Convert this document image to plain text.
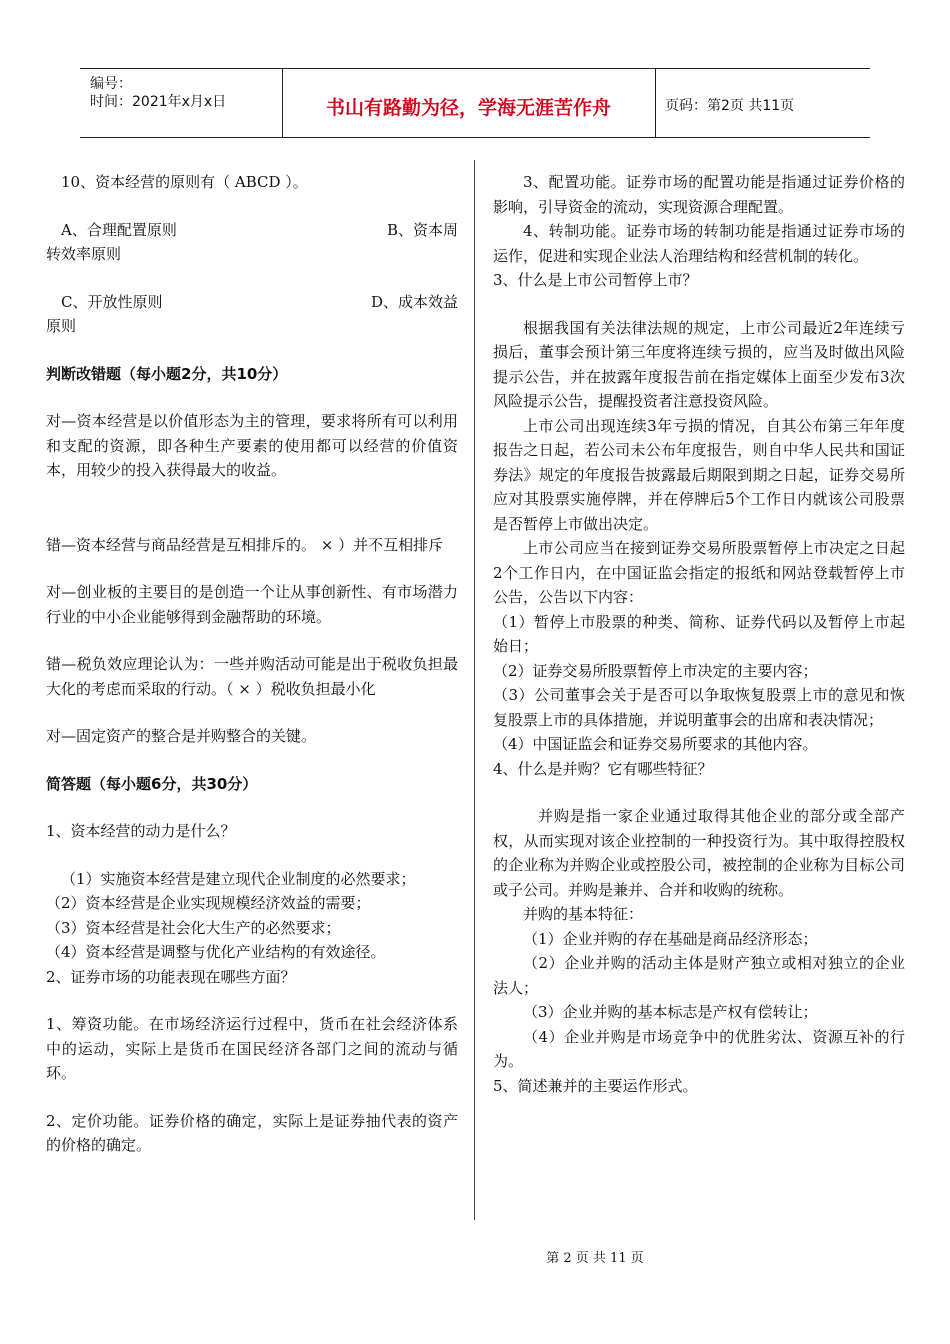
编号：
时间：2021年x月x日	书山有路勤为径，学海无涯苦作舟	页码：第2页 共11页

10、资本经营的原则有（ ABCD ）。

A、合理配置原则	B、资本周

转效率原则

C、开放性原则	D、成本效益

原则

判断改错题（每小题2分，共10分）

对—资本经营是以价值形态为主的管理，要求将所有可以利用和支配的资源，即各种生产要素的使用都可以经营的价值资本，用较少的投入获得最大的收益。

错—资本经营与商品经营是互相排斥的。 × ）并不互相排斥

对—创业板的主要目的是创造一个让从事创新性、有市场潜力行业的中小企业能够得到金融帮助的环境。

错—税负效应理论认为：一些并购活动可能是出于税收负担最大化的考虑而采取的行动。（ × ）税收负担最小化

对—固定资产的整合是并购整合的关键。

简答题（每小题6分，共30分）

1、资本经营的动力是什么？

（1）实施资本经营是建立现代企业制度的必然要求；

（2）资本经营是企业实现规模经济效益的需要；

（3）资本经营是社会化大生产的必然要求；

（4）资本经营是调整与优化产业结构的有效途径。

2、证券市场的功能表现在哪些方面？

1、筹资功能。在市场经济运行过程中，货币在社会经济体系中的运动，实际上是货币在国民经济各部门之间的流动与循环。

2、定价功能。证券价格的确定，实际上是证券抽代表的资产的价格的确定。

3、配置功能。证券市场的配置功能是指通过证券价格的影响，引导资金的流动，实现资源合理配置。

4、转制功能。证券市场的转制功能是指通过证券市场的运作，促进和实现企业法人治理结构和经营机制的转化。

3、什么是上市公司暂停上市？

根据我国有关法律法规的规定，上市公司最近2年连续亏损后，董事会预计第三年度将连续亏损的，应当及时做出风险提示公告，并在披露年度报告前在指定媒体上面至少发布3次风险提示公告，提醒投资者注意投资风险。

上市公司出现连续3年亏损的情况，自其公布第三年年度报告之日起，若公司未公布年度报告，则自中华人民共和国证券法》规定的年度报告披露最后期限到期之日起，证券交易所应对其股票实施停牌，并在停牌后5个工作日内就该公司股票是否暂停上市做出决定。

上市公司应当在接到证券交易所股票暂停上市决定之日起2个工作日内，在中国证监会指定的报纸和网站登载暂停上市公告，公告以下内容：

（1）暂停上市股票的种类、简称、证券代码以及暂停上市起始日；

（2）证券交易所股票暂停上市决定的主要内容；

（3）公司董事会关于是否可以争取恢复股票上市的意见和恢复股票上市的具体措施，并说明董事会的出席和表决情况；

（4）中国证监会和证券交易所要求的其他内容。

4、什么是并购？它有哪些特征？

并购是指一家企业通过取得其他企业的部分或全部产权，从而实现对该企业控制的一种投资行为。其中取得控股权的企业称为并购企业或控股公司，被控制的企业称为目标公司或子公司。并购是兼并、合并和收购的统称。

并购的基本特征：

（1）企业并购的存在基础是商品经济形态；

（2）企业并购的活动主体是财产独立或相对独立的企业法人；

（3）企业并购的基本标志是产权有偿转让；

（4）企业并购是市场竞争中的优胜劣汰、资源互补的行为。

5、简述兼并的主要运作形式。

第 2 页 共 11 页
